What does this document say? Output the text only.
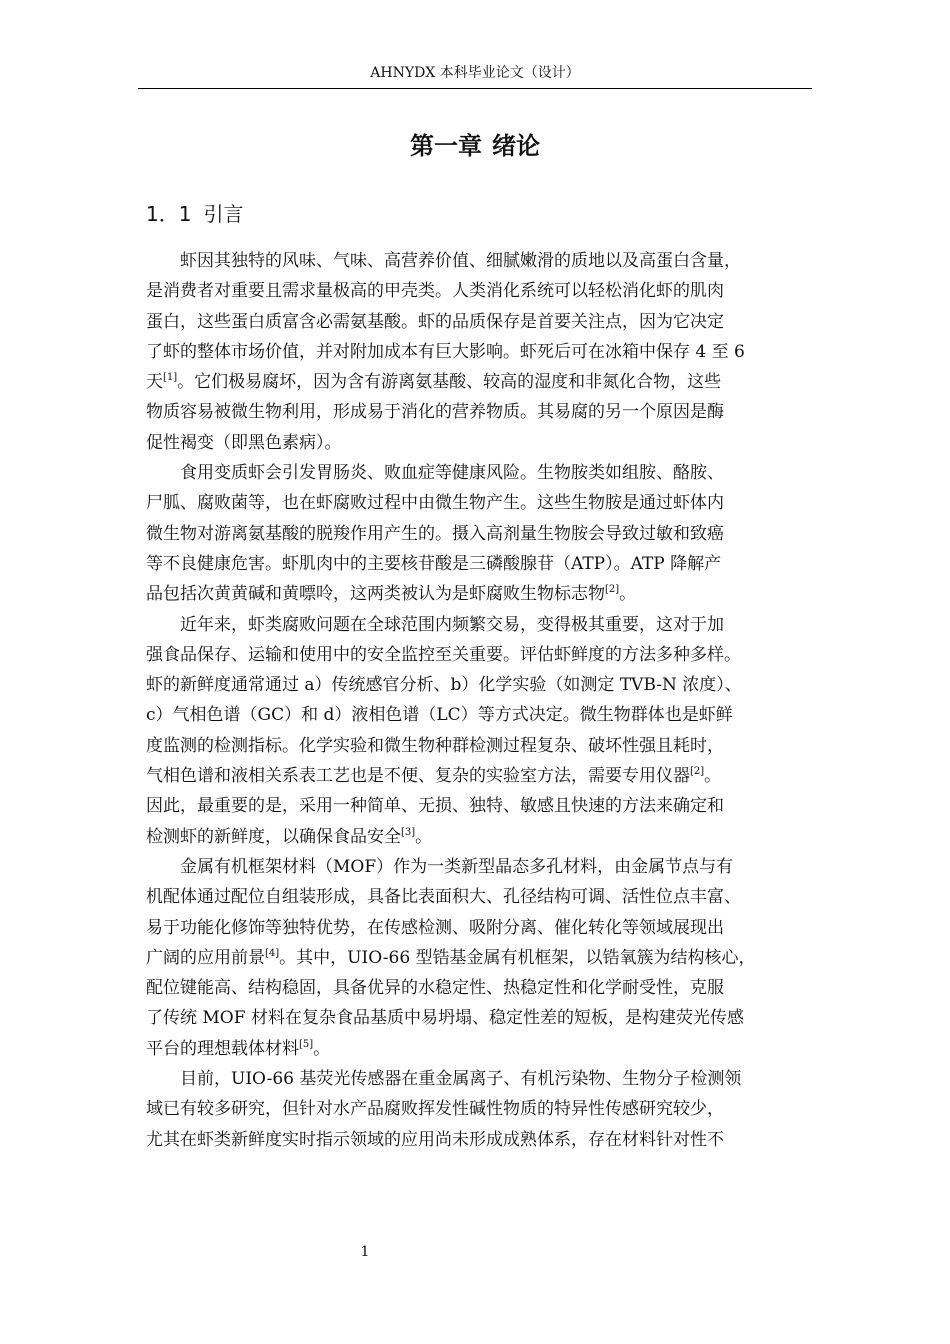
AHNYDX 本科毕业论文（设计）
第一章 绪论
1．1 引言
虾因其独特的风味、气味、高营养价值、细腻嫩滑的质地以及高蛋白含量，
是消费者对重要且需求量极高的甲壳类。人类消化系统可以轻松消化虾的肌肉
蛋白，这些蛋白质富含必需氨基酸。虾的品质保存是首要关注点，因为它决定
了虾的整体市场价值，并对附加成本有巨大影响。虾死后可在冰箱中保存 4 至 6
天[1]。它们极易腐坏，因为含有游离氨基酸、较高的湿度和非氮化合物，这些
物质容易被微生物利用，形成易于消化的营养物质。其易腐的另一个原因是酶
促性褐变（即黑色素病）。
食用变质虾会引发胃肠炎、败血症等健康风险。生物胺类如组胺、酪胺、
尸胍、腐败菌等，也在虾腐败过程中由微生物产生。这些生物胺是通过虾体内
微生物对游离氨基酸的脱羧作用产生的。摄入高剂量生物胺会导致过敏和致癌
等不良健康危害。虾肌肉中的主要核苷酸是三磷酸腺苷（ATP）。ATP 降解产
品包括次黄黄碱和黄嘌呤，这两类被认为是虾腐败生物标志物[2]。
近年来，虾类腐败问题在全球范围内频繁交易，变得极其重要，这对于加
强食品保存、运输和使用中的安全监控至关重要。评估虾鲜度的方法多种多样。
虾的新鲜度通常通过 a）传统感官分析、b）化学实验（如测定 TVB-N 浓度）、
c）气相色谱（GC）和 d）液相色谱（LC）等方式决定。微生物群体也是虾鲜
度监测的检测指标。化学实验和微生物种群检测过程复杂、破坏性强且耗时，
气相色谱和液相关系表工艺也是不便、复杂的实验室方法，需要专用仪器[2]。
因此，最重要的是，采用一种简单、无损、独特、敏感且快速的方法来确定和
检测虾的新鲜度，以确保食品安全[3]。
金属有机框架材料（MOF）作为一类新型晶态多孔材料，由金属节点与有
机配体通过配位自组装形成，具备比表面积大、孔径结构可调、活性位点丰富、
易于功能化修饰等独特优势，在传感检测、吸附分离、催化转化等领域展现出
广阔的应用前景[4]。其中，UIO-66 型锆基金属有机框架，以锆氧簇为结构核心，
配位键能高、结构稳固，具备优异的水稳定性、热稳定性和化学耐受性，克服
了传统 MOF 材料在复杂食品基质中易坍塌、稳定性差的短板，是构建荧光传感
平台的理想载体材料[5]。
目前，UIO-66 基荧光传感器在重金属离子、有机污染物、生物分子检测领
域已有较多研究，但针对水产品腐败挥发性碱性物质的特异性传感研究较少，
尤其在虾类新鲜度实时指示领域的应用尚未形成成熟体系，存在材料针对性不
1
